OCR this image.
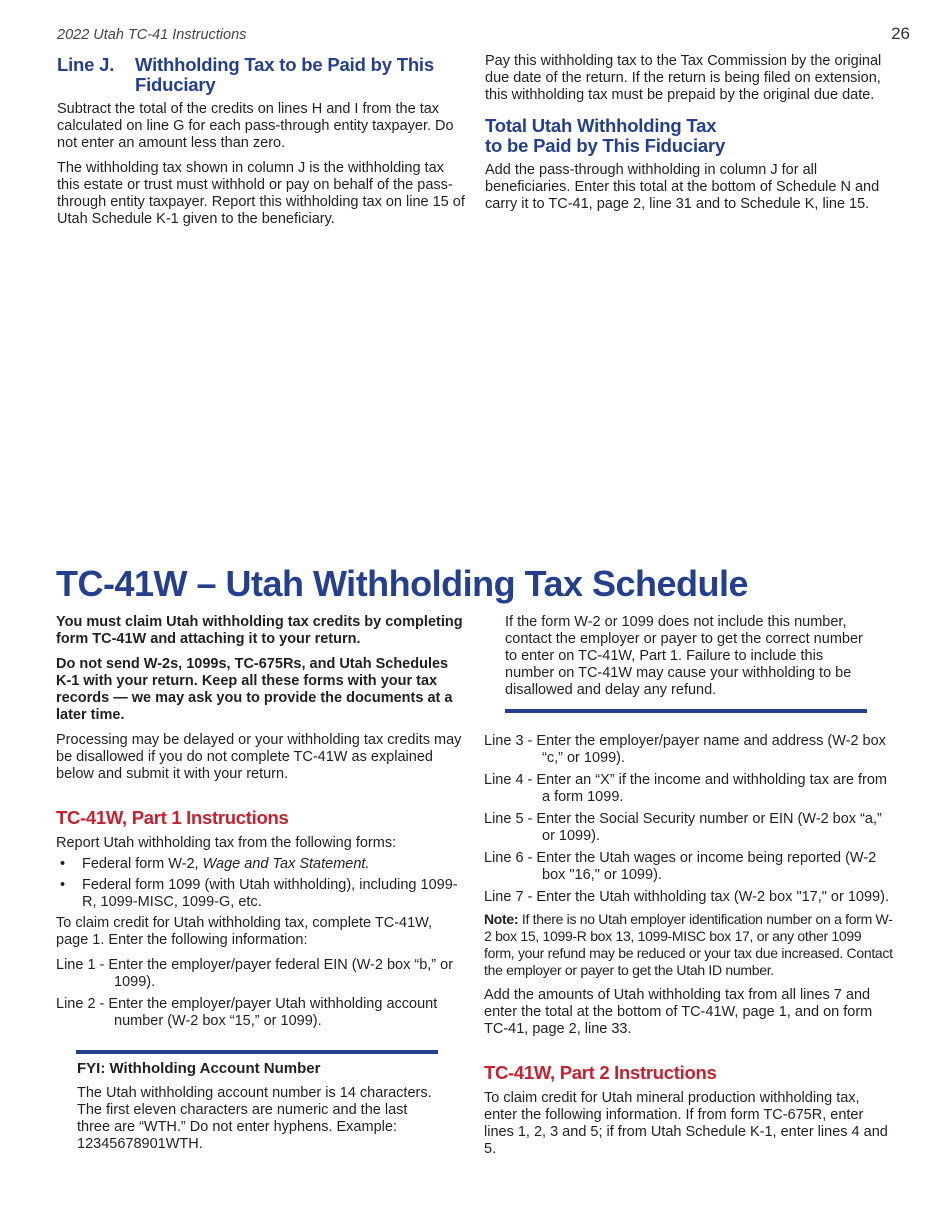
2022 Utah TC-41 Instructions	26
Line J.	Withholding Tax to be Paid by This
Fiduciary

Subtract the total of the credits on lines H and I from the tax calculated on line G for each pass-through entity taxpayer. Do not enter an amount less than zero.

The withholding tax shown in column J is the withholding tax this estate or trust must withhold or pay on behalf of the pass-through entity taxpayer. Report this withholding tax on line 15 of Utah Schedule K-1 given to the beneficiary.

Pay this withholding tax to the Tax Commission by the original due date of the return. If the return is being filed on extension, this withholding tax must be prepaid by the original due date.

Total Utah Withholding Tax
to be Paid by This Fiduciary

Add the pass-through withholding in column J for all beneficiaries. Enter this total at the bottom of Schedule N and carry it to TC-41, page 2, line 31 and to Schedule K, line 15.

TC-41W – Utah Withholding Tax Schedule

You must claim Utah withholding tax credits by completing form TC-41W and attaching it to your return.

Do not send W-2s, 1099s, TC-675Rs, and Utah Schedules K-1 with your return. Keep all these forms with your tax records — we may ask you to provide the documents at a later time.

Processing may be delayed or your withholding tax credits may be disallowed if you do not complete TC-41W as explained below and submit it with your return.

TC-41W, Part 1 Instructions

Report Utah withholding tax from the following forms:

•	Federal form W-2, Wage and Tax Statement.
•	Federal form 1099 (with Utah withholding), including 1099-R, 1099-MISC, 1099-G, etc.

To claim credit for Utah withholding tax, complete TC-41W, page 1. Enter the following information:

Line 1 - Enter the employer/payer federal EIN (W-2 box “b,” or 1099).
Line 2 - Enter the employer/payer Utah withholding account number (W-2 box “15,” or 1099).
FYI: Withholding Account Number

The Utah withholding account number is 14 characters. The first eleven characters are numeric and the last three are “WTH.” Do not enter hyphens. Example: 12345678901WTH.

If the form W-2 or 1099 does not include this number, contact the employer or payer to get the correct number to enter on TC-41W, Part 1. Failure to include this number on TC-41W may cause your withholding to be disallowed and delay any refund.

Line 3 - Enter the employer/payer name and address (W-2 box “c,” or 1099).
Line 4 - Enter an “X” if the income and withholding tax are from a form 1099.
Line 5 - Enter the Social Security number or EIN (W-2 box “a,” or 1099).
Line 6 - Enter the Utah wages or income being reported (W-2 box "16," or 1099).
Line 7 - Enter the Utah withholding tax (W-2 box "17," or 1099).

Note: If there is no Utah employer identification number on a form W-2 box 15, 1099-R box 13, 1099-MISC box 17, or any other 1099 form, your refund may be reduced or your tax due increased. Contact the employer or payer to get the Utah ID number.

Add the amounts of Utah withholding tax from all lines 7 and enter the total at the bottom of TC-41W, page 1, and on form TC-41, page 2, line 33.

TC-41W, Part 2 Instructions

To claim credit for Utah mineral production withholding tax, enter the following information. If from form TC-675R, enter lines 1, 2, 3 and 5; if from Utah Schedule K-1, enter lines 4 and 5.
